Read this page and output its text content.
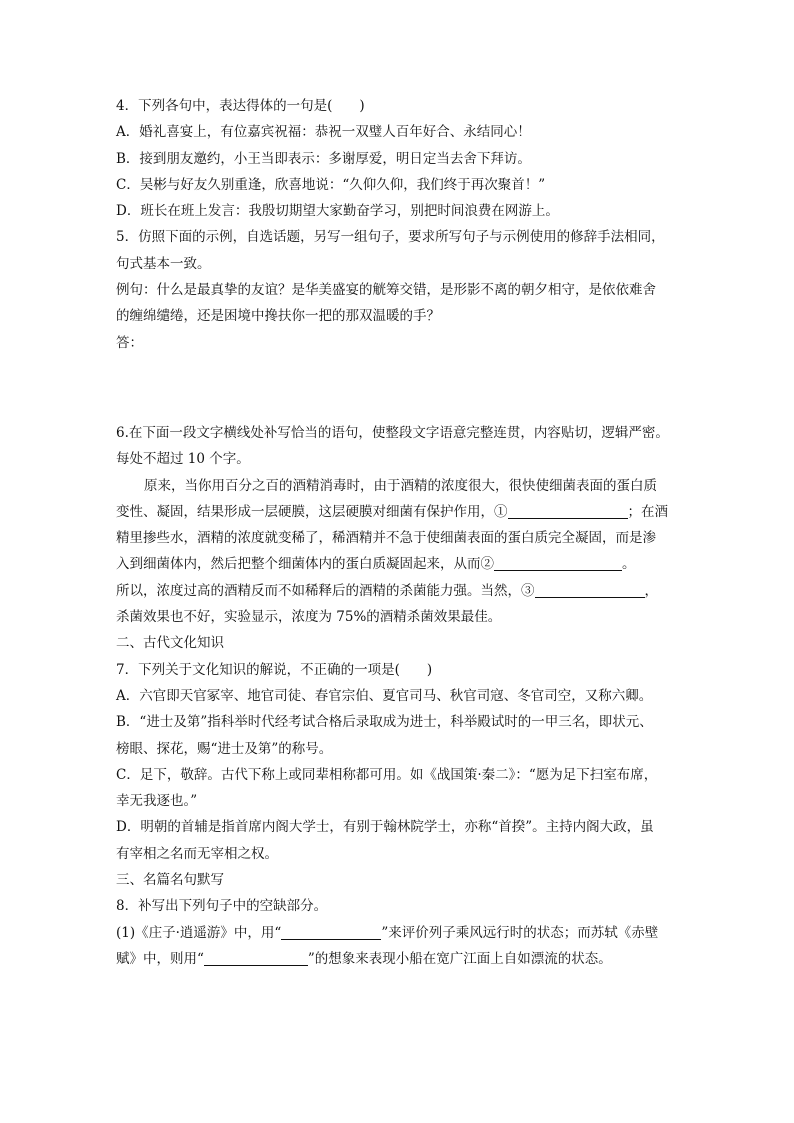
4．下列各句中，表达得体的一句是(　　)
A．婚礼喜宴上，有位嘉宾祝福：恭祝一双璧人百年好合、永结同心！
B．接到朋友邀约，小王当即表示：多谢厚爱，明日定当去舍下拜访。
C．吴彬与好友久别重逢，欣喜地说：“久仰久仰，我们终于再次聚首！”
D．班长在班上发言：我殷切期望大家勤奋学习，别把时间浪费在网游上。
5．仿照下面的示例，自选话题，另写一组句子，要求所写句子与示例使用的修辞手法相同，
句式基本一致。
例句：什么是最真挚的友谊？是华美盛宴的觥筹交错，是形影不离的朝夕相守，是依依难舍
的缠绵缱绻，还是困境中搀扶你一把的那双温暖的手？
答：
6.在下面一段文字横线处补写恰当的语句，使整段文字语意完整连贯，内容贴切，逻辑严密。
每处不超过 10 个字。
原来，当你用百分之百的酒精消毒时，由于酒精的浓度很大，很快使细菌表面的蛋白质
变性、凝固，结果形成一层硬膜，这层硬膜对细菌有保护作用，①	；在酒
精里掺些水，酒精的浓度就变稀了，稀酒精并不急于使细菌表面的蛋白质完全凝固，而是渗
入到细菌体内，然后把整个细菌体内的蛋白质凝固起来，从而②	。
所以，浓度过高的酒精反而不如稀释后的酒精的杀菌能力强。当然，③	，
杀菌效果也不好，实验显示，浓度为 75%的酒精杀菌效果最佳。
二、古代文化知识
7．下列关于文化知识的解说，不正确的一项是(　　)
A．六官即天官冢宰、地官司徒、春官宗伯、夏官司马、秋官司寇、冬官司空，又称六卿。
B．“进士及第”指科举时代经考试合格后录取成为进士，科举殿试时的一甲三名，即状元、
榜眼、探花，赐“进士及第”的称号。
C．足下，敬辞。古代下称上或同辈相称都可用。如《战国策·秦二》：“愿为足下扫室布席，
幸无我逐也。”
D．明朝的首辅是指首席内阁大学士，有别于翰林院学士，亦称“首揆”。主持内阁大政，虽
有宰相之名而无宰相之权。
三、名篇名句默写
8．补写出下列句子中的空缺部分。
(1)《庄子·逍遥游》中，用“	”来评价列子乘风远行时的状态；而苏轼《赤壁
赋》中，则用“	”的想象来表现小船在宽广江面上自如漂流的状态。
